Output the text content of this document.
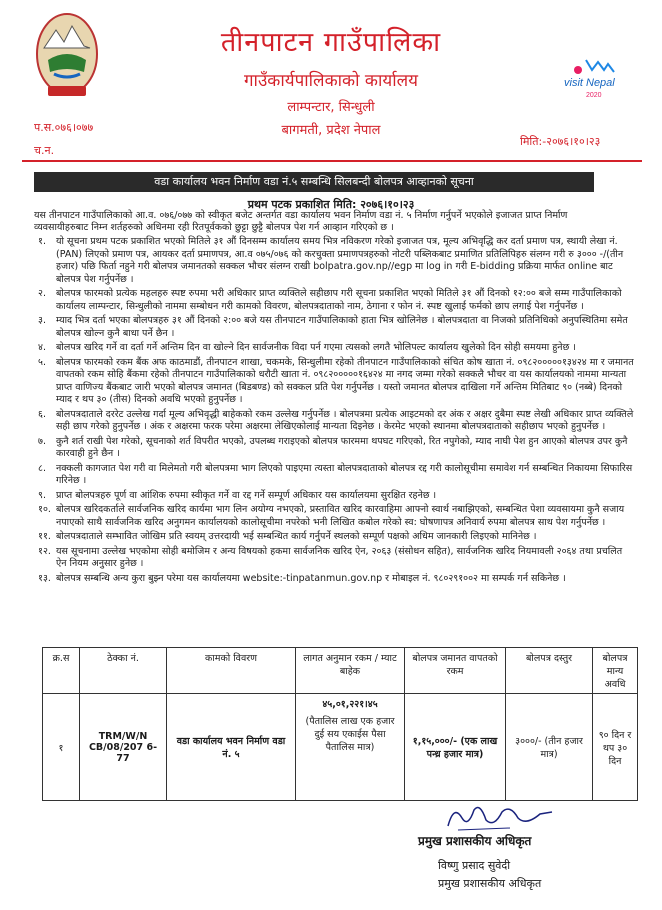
तीनपाटन गाउँपालिका
गाउँकार्यपालिकाको कार्यालय
लाम्पन्टार, सिन्धुली
बागमती, प्रदेश नेपाल
प.स.०७६।०७७
च.न.
मिति:-२०७६।१०।२३
visit Nepal
2020
वडा कार्यालय भवन निर्माण वडा नं.५ सम्बन्धि सिलबन्दी बोलपत्र आव्हानको सूचना
प्रथम पटक प्रकाशित मिति: २०७६।१०।२३
यस तीनपाटन गाउँपालिकाको आ.व. ०७६/०७७ को स्वीकृत बजेट अन्तर्गत वडा कार्यालय भवन निर्माण वडा नं. ५ निर्माण गर्नुपर्ने भएकोले इजाजत प्राप्त निर्माण व्यवसायीहरुबाट निम्न शर्तहरुको अधिनमा रही रितपूर्वकको छुट्टा छुट्टै बोलपत्र पेश गर्न आव्हान गरिएको छ ।
१. यो सूचना प्रथम पटक प्रकाशित भएको मितिले ३१ औं दिनसम्म कार्यालय समय भित्र नविकरण गरेको इजाजत पत्र, मूल्य अभिवृद्धि कर दर्ता प्रमाण पत्र, स्थायी लेखा नं. (PAN) लिएको प्रमाण पत्र, आयकर दर्ता प्रमाणपत्र, आ.व ०७५/०७६ को करचुक्ता प्रमाणपत्रहरुको नोटरी पब्लिकबाट प्रमाणित प्रतिलिपिहरु संलग्न गरी रु ३००० -/(तीन हजार) पछि फिर्ता नहुने गरी बोलपत्र जमानतको सक्कल भौचर संलग्न राखी bolpatra.gov.np//egp मा log in गरी E-bidding प्रक्रिया मार्फत online बाट बोलपत्र पेश गर्नुपर्नेछ ।
२. बोलपत्र फारमको प्रत्येक महलहरु स्पष्ट रुपमा भरी अधिकार प्राप्त व्यक्तिले सहीछाप गरी सूचना प्रकाशित भएको मितिले ३१ औं दिनको १२:०० बजे सम्म गाउँपालिकाको कार्यालय लाम्पन्टार, सिन्धुलीको नाममा सम्बोधन गरी कामको विवरण, बोलपत्रदाताको नाम, ठेगाना र फोन नं. स्पष्ट खुलाई फर्मको छाप लगाई पेश गर्नुपर्नेछ ।
३. म्याद भित्र दर्ता भएका बोलपत्रहरु ३१ औं दिनको २:०० बजे यस तीनपाटन गाउँपालिकाको हाता भित्र खोलिनेछ । बोलपत्रदाता वा निजको प्रतिनिधिको अनुपस्थितिमा समेत बोलपत्र खोल्न कुनै बाधा पर्ने छैन ।
४. बोलपत्र खरिद गर्ने वा दर्ता गर्ने अन्तिम दिन वा खोल्ने दिन सार्वजनीक विदा पर्न गएमा त्यसको लगतै भोलिपल्ट कार्यालय खुलेको दिन सोही समयमा हुनेछ ।
५. बोलपत्र फारमको रकम बैंक अफ काठमाडौं, तीनपाटन शाखा, चकमके, सिन्धुलीमा रहेको तीनपाटन गाउँपालिकाको संचित कोष खाता नं. ०९८२०००००१३४२४ मा र जमानत वापतको रकम सोहि बैंकमा रहेको तीनपाटन गाउँपालिकाको धरौटी खाता नं. ०९८२०००००१६४२४ मा नगद जम्मा गरेको सक्कलै भौचर वा यस कार्यालयको नाममा मान्यता प्राप्त वाणिज्य बैंकबाट जारी भएको बोलपत्र जमानत (बिडबण्ड) को सक्कल प्रति पेश गर्नुपर्नेछ । यस्तो जमानत बोलपत्र दाखिला गर्ने अन्तिम मितिबाट ९० (नब्बे) दिनको म्याद र थप ३० (तीस) दिनको अवधि भएको हुनुपर्नेछ ।
६. बोलपत्रदाताले दररेट उल्लेख गर्दा मूल्य अभिवृद्धी बाहेकको रकम उल्लेख गर्नुपर्नेछ । बोलपत्रमा प्रत्येक आइटमको दर अंक र अक्षर दुबैमा स्पष्ट लेखी अधिकार प्राप्त व्यक्तिले सही छाप गरेको हुनुपर्नेछ । अंक र अक्षरमा फरक परेमा अक्षरमा लेखिएकोलाई मान्यता दिइनेछ । केरमेट भएको स्थानमा बोलपत्रदाताको सहीछाप भएको हुनुपर्नेछ ।
७. कुनै शर्त राखी पेश गरेको, सूचनाको शर्त विपरीत भएको, उपलब्ध गराइएको बोलपत्र फारममा थपघट गरिएको, रित नपुगेको, म्याद नाघी पेश हुन आएको बोलपत्र उपर कुनै कारवाही हुने छैन ।
८. नक्कली कागजात पेश गरी वा मिलेमतो गरी बोलपत्रमा भाग लिएको पाइएमा त्यस्ता बोलपत्रदाताको बोलपत्र रद्द गरी कालोसूचीमा समावेश गर्न सम्बन्धित निकायमा सिफारिस गरिनेछ ।
९. प्राप्त बोलपत्रहरु पूर्ण वा आंशिक रुपमा स्वीकृत गर्ने वा रद्द गर्ने सम्पूर्ण अधिकार यस कार्यालयमा सुरक्षित रहनेछ ।
१०. बोलपत्र खरिदकर्ताले सार्वजनिक खरिद कार्यमा भाग लिन अयोग्य नभएको, प्रस्तावित खरिद कारवाहिमा आफ्नो स्वार्थ नबाझिएको, सम्बन्धित पेशा व्यवसायमा कुनै सजाय नपाएको साथै सार्वजनिक खरिद अनुगमन कार्यालयको कालोसूचीमा नपरेको भनी लिखित कबोल गरेको स्व: घोषणापत्र अनिवार्य रुपमा बोलपत्र साथ पेश गर्नुपर्नेछ ।
११. बोलपत्रदाताले सम्भावित जोखिम प्रति स्वयम् उत्तरदायी भई सम्बन्धित कार्य गर्नुपर्ने स्थलको सम्पूर्ण पक्षको अधिम जानकारी लिइएको मानिनेछ ।
१२. यस सूचनामा उल्लेख भएकोमा सोही बमोजिम र अन्य विषयको हकमा सार्वजनिक खरिद ऐन, २०६३ (संसोधन सहित), सार्वजनिक खरिद नियमावली २०६४ तथा प्रचलित ऐन नियम अनुसार हुनेछ ।
१३. बोलपत्र सम्बन्धि अन्य कुरा बुझ्न परेमा यस कार्यालयमा website:-tinpatanmun.gov.np र मोबाइल नं. ९८०२९१००२ मा सम्पर्क गर्न सकिनेछ ।
क्र.स	ठेक्का नं.	कामको विवरण	लागत अनुमान रकम / म्याट बाहेक	बोलपत्र जमानत वापतको रकम	बोलपत्र दस्तुर	बोलपत्र मान्य अवधि
१	TRM/W/N CB/08/207 6-77	वडा कार्यालय भवन निर्माण वडा नं. ५	४५,०१,२२१।४५
(पैतालिस लाख एक हजार दुई सय एकाईस पैसा पैतालिस मात्र)	१,१५,०००/- (एक लाख पन्ध्र हजार मात्र)	३०००/- (तीन हजार मात्र)	९० दिन र थप ३० दिन
प्रमुख प्रशासकीय अधिकृत
विष्णु प्रसाद सुवेदी
प्रमुख प्रशासकीय अधिकृत
